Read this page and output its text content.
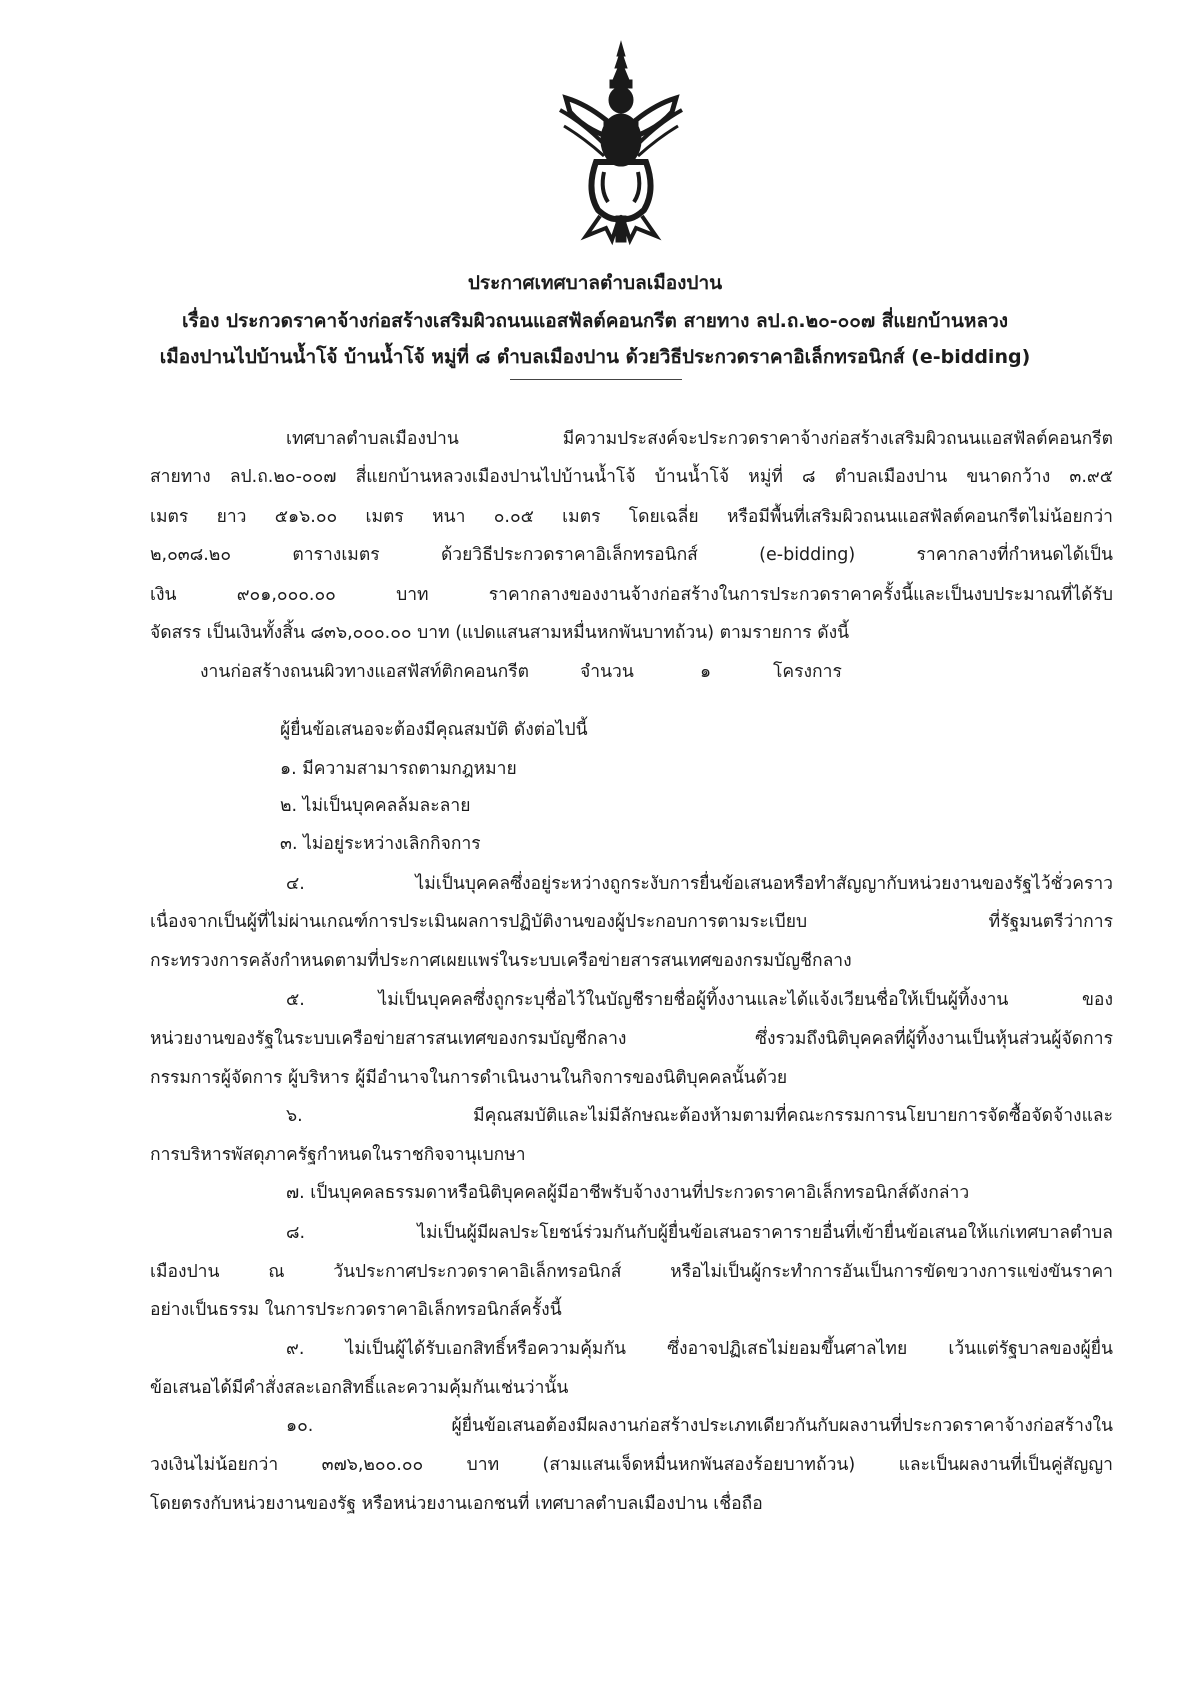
ประกาศเทศบาลตำบลเมืองปาน
เรื่อง ประกวดราคาจ้างก่อสร้างเสริมผิวถนนแอสฟัลต์คอนกรีต สายทาง ลป.ถ.๒๐-๐๐๗ สี่แยกบ้านหลวง
เมืองปานไปบ้านน้ำโจ้ บ้านน้ำโจ้ หมู่ที่ ๘ ตำบลเมืองปาน ด้วยวิธีประกวดราคาอิเล็กทรอนิกส์ (e-bidding)
เทศบาลตำบลเมืองปาน มีความประสงค์จะประกวดราคาจ้างก่อสร้างเสริมผิวถนนแอสฟัลต์คอนกรีต
สายทาง ลป.ถ.๒๐-๐๐๗ สี่แยกบ้านหลวงเมืองปานไปบ้านน้ำโจ้ บ้านน้ำโจ้ หมู่ที่ ๘ ตำบลเมืองปาน ขนาดกว้าง ๓.๙๕
เมตร ยาว ๕๑๖.๐๐ เมตร หนา ๐.๐๕ เมตร โดยเฉลี่ย หรือมีพื้นที่เสริมผิวถนนแอสฟัลต์คอนกรีตไม่น้อยกว่า
๒,๐๓๘.๒๐ ตารางเมตร ด้วยวิธีประกวดราคาอิเล็กทรอนิกส์ (e-bidding) ราคากลางที่กำหนดได้เป็น
เงิน ๙๐๑,๐๐๐.๐๐ บาท ราคากลางของงานจ้างก่อสร้างในการประกวดราคาครั้งนี้และเป็นงบประมาณที่ได้รับ
จัดสรร เป็นเงินทั้งสิ้น ๘๓๖,๐๐๐.๐๐ บาท (แปดแสนสามหมื่นหกพันบาทถ้วน) ตามรายการ ดังนี้
งานก่อสร้างถนนผิวทางแอสฟัสท์ติกคอนกรีต	จำนวน	๑	โครงการ
ผู้ยื่นข้อเสนอจะต้องมีคุณสมบัติ ดังต่อไปนี้
๑. มีความสามารถตามกฎหมาย
๒. ไม่เป็นบุคคลล้มละลาย
๓. ไม่อยู่ระหว่างเลิกกิจการ
๔. ไม่เป็นบุคคลซึ่งอยู่ระหว่างถูกระงับการยื่นข้อเสนอหรือทำสัญญากับหน่วยงานของรัฐไว้ชั่วคราว
เนื่องจากเป็นผู้ที่ไม่ผ่านเกณฑ์การประเมินผลการปฏิบัติงานของผู้ประกอบการตามระเบียบ ที่รัฐมนตรีว่าการ
กระทรวงการคลังกำหนดตามที่ประกาศเผยแพร่ในระบบเครือข่ายสารสนเทศของกรมบัญชีกลาง
๕. ไม่เป็นบุคคลซึ่งถูกระบุชื่อไว้ในบัญชีรายชื่อผู้ทิ้งงานและได้แจ้งเวียนชื่อให้เป็นผู้ทิ้งงาน ของ
หน่วยงานของรัฐในระบบเครือข่ายสารสนเทศของกรมบัญชีกลาง ซึ่งรวมถึงนิติบุคคลที่ผู้ทิ้งงานเป็นหุ้นส่วนผู้จัดการ
กรรมการผู้จัดการ ผู้บริหาร ผู้มีอำนาจในการดำเนินงานในกิจการของนิติบุคคลนั้นด้วย
๖. มีคุณสมบัติและไม่มีลักษณะต้องห้ามตามที่คณะกรรมการนโยบายการจัดซื้อจัดจ้างและ
การบริหารพัสดุภาครัฐกำหนดในราชกิจจานุเบกษา
๗. เป็นบุคคลธรรมดาหรือนิติบุคคลผู้มีอาชีพรับจ้างงานที่ประกวดราคาอิเล็กทรอนิกส์ดังกล่าว
๘. ไม่เป็นผู้มีผลประโยชน์ร่วมกันกับผู้ยื่นข้อเสนอราคารายอื่นที่เข้ายื่นข้อเสนอให้แก่เทศบาลตำบล
เมืองปาน ณ วันประกาศประกวดราคาอิเล็กทรอนิกส์ หรือไม่เป็นผู้กระทำการอันเป็นการขัดขวางการแข่งขันราคา
อย่างเป็นธรรม ในการประกวดราคาอิเล็กทรอนิกส์ครั้งนี้
๙. ไม่เป็นผู้ได้รับเอกสิทธิ์หรือความคุ้มกัน ซึ่งอาจปฏิเสธไม่ยอมขึ้นศาลไทย เว้นแต่รัฐบาลของผู้ยื่น
ข้อเสนอได้มีคำสั่งสละเอกสิทธิ์และความคุ้มกันเช่นว่านั้น
๑๐. ผู้ยื่นข้อเสนอต้องมีผลงานก่อสร้างประเภทเดียวกันกับผลงานที่ประกวดราคาจ้างก่อสร้างใน
วงเงินไม่น้อยกว่า ๓๗๖,๒๐๐.๐๐ บาท (สามแสนเจ็ดหมื่นหกพันสองร้อยบาทถ้วน) และเป็นผลงานที่เป็นคู่สัญญา
โดยตรงกับหน่วยงานของรัฐ หรือหน่วยงานเอกชนที่ เทศบาลตำบลเมืองปาน เชื่อถือ
